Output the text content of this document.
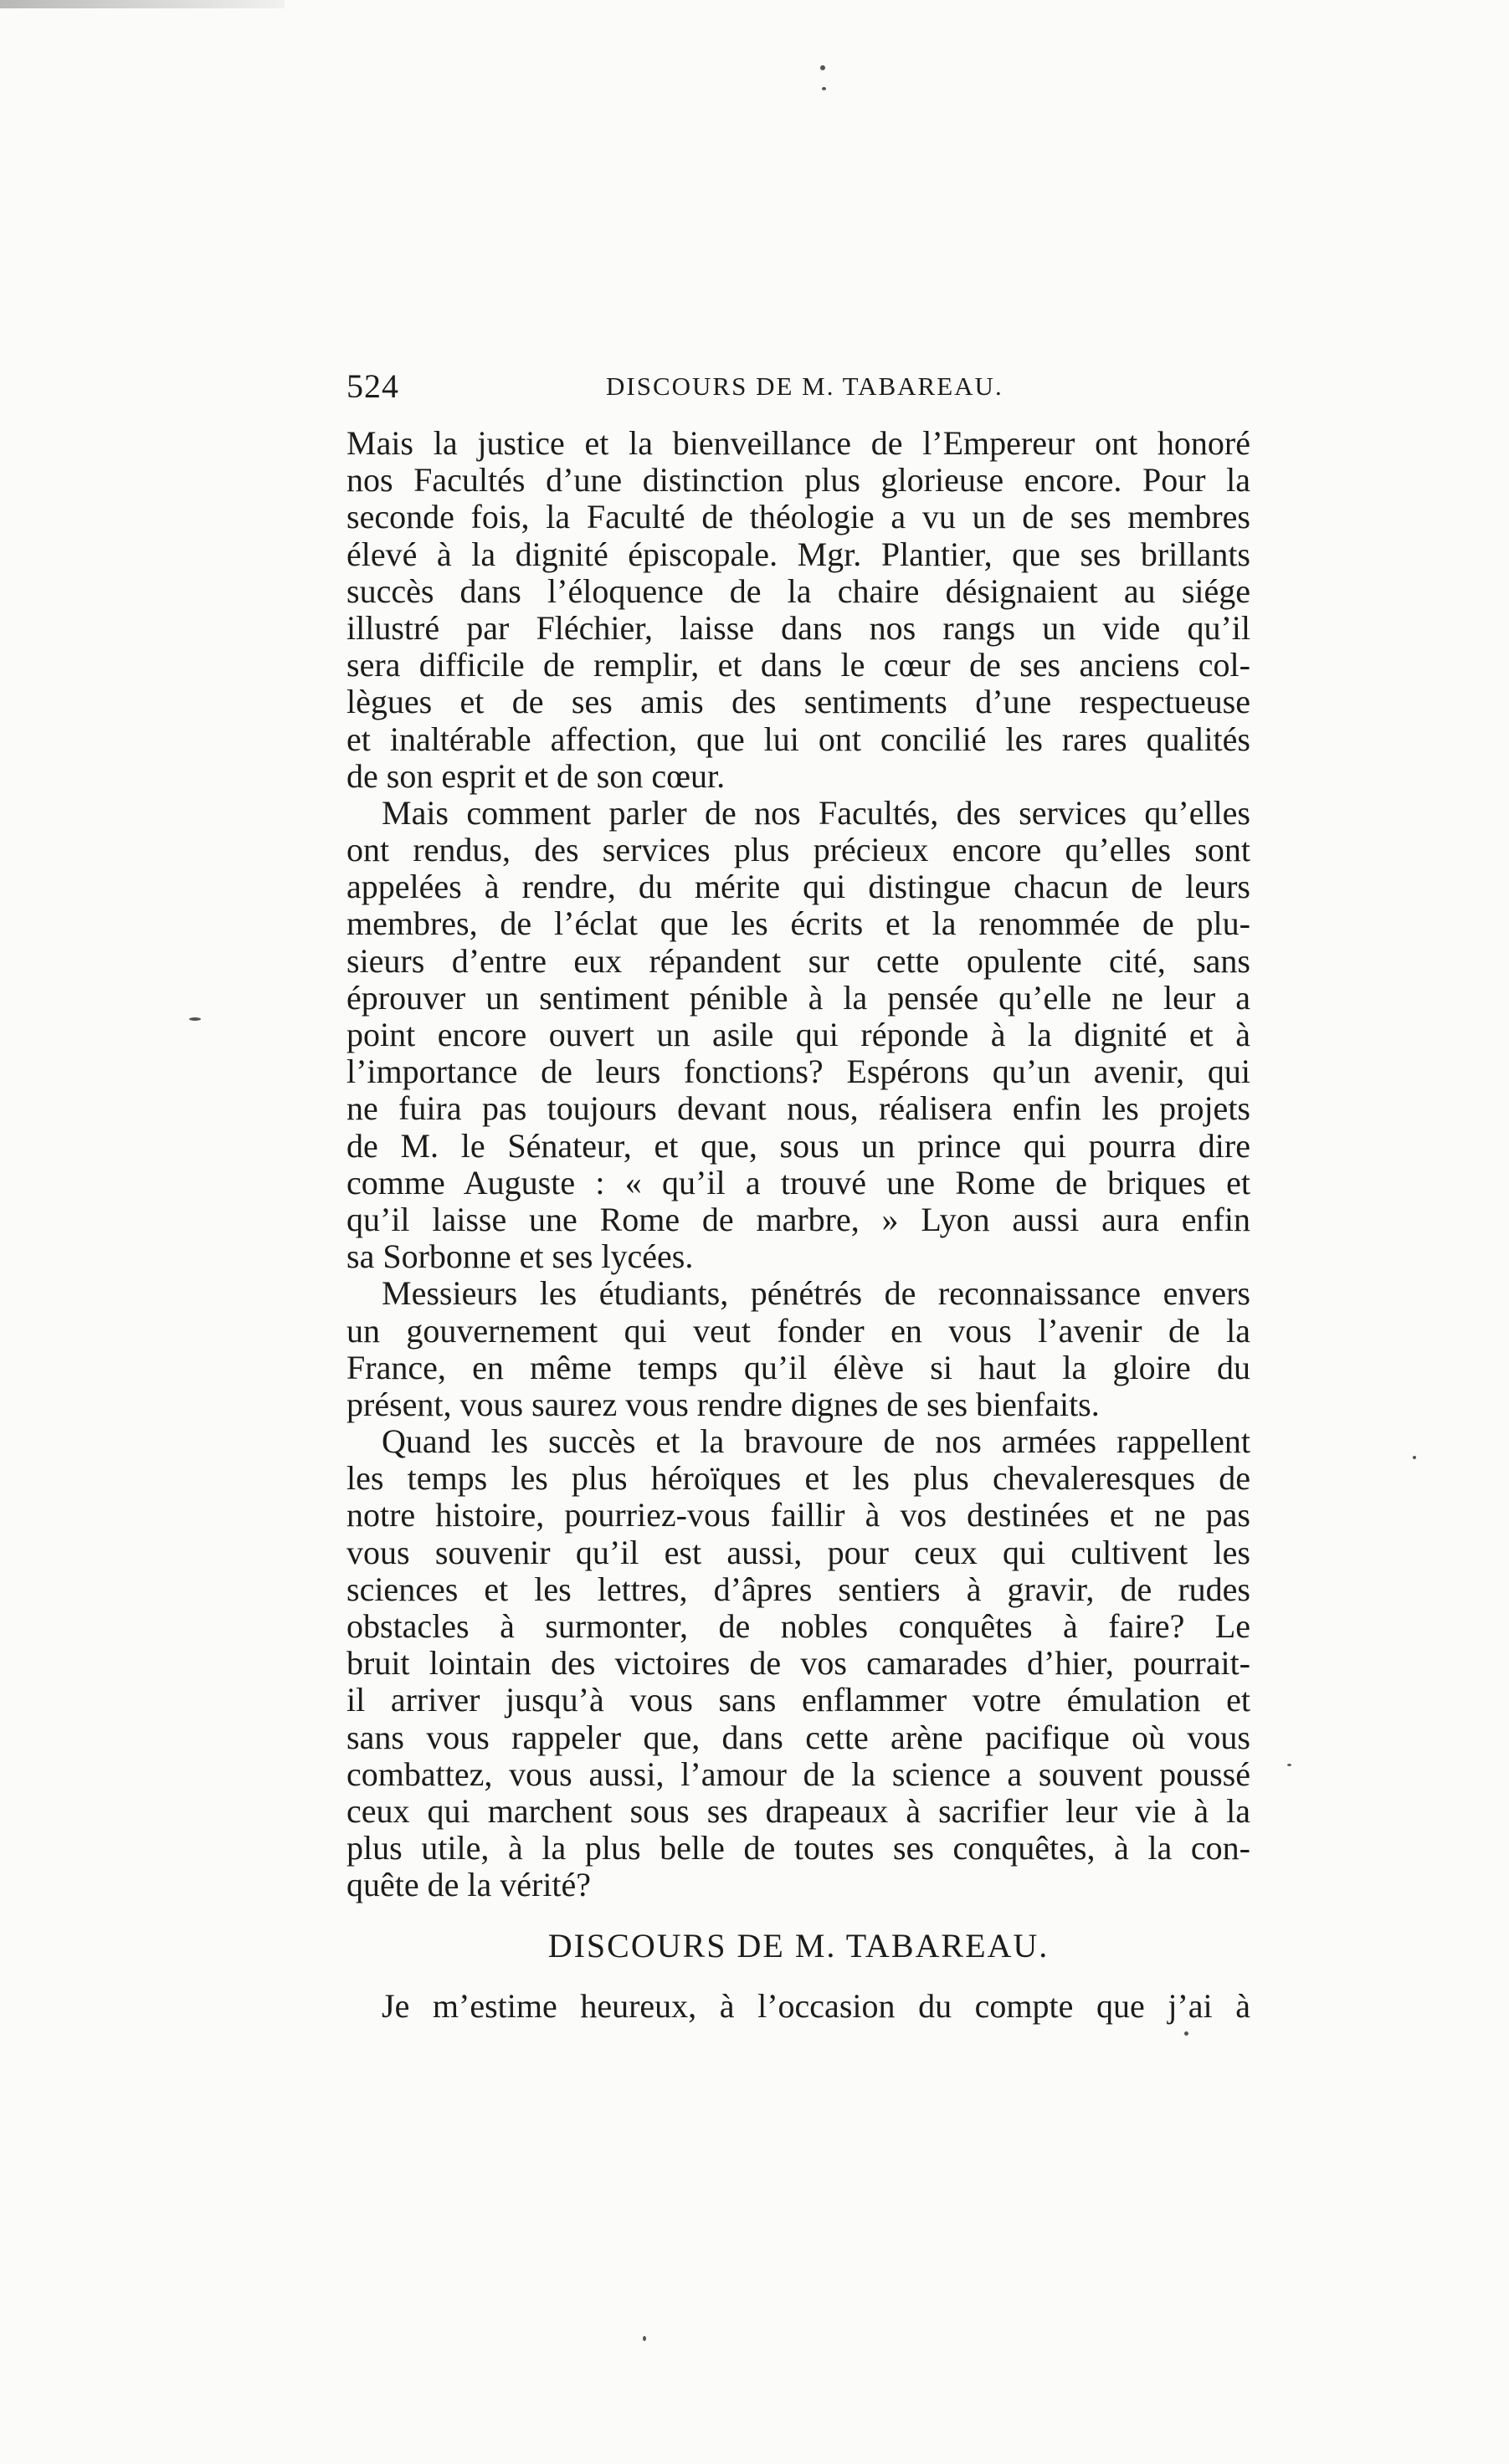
524	DISCOURS DE M. TABAREAU.
Mais la justice et la bienveillance de l’Empereur ont honoré
nos Facultés d’une distinction plus glorieuse encore. Pour la
seconde fois, la Faculté de théologie a vu un de ses membres
élevé à la dignité épiscopale. Mgr. Plantier, que ses brillants
succès dans l’éloquence de la chaire désignaient au siége
illustré par Fléchier, laisse dans nos rangs un vide qu’il
sera difficile de remplir, et dans le cœur de ses anciens col-
lègues et de ses amis des sentiments d’une respectueuse
et inaltérable affection, que lui ont concilié les rares qualités
de son esprit et de son cœur.
Mais comment parler de nos Facultés, des services qu’elles
ont rendus, des services plus précieux encore qu’elles sont
appelées à rendre, du mérite qui distingue chacun de leurs
membres, de l’éclat que les écrits et la renommée de plu-
sieurs d’entre eux répandent sur cette opulente cité, sans
éprouver un sentiment pénible à la pensée qu’elle ne leur a
point encore ouvert un asile qui réponde à la dignité et à
l’importance de leurs fonctions? Espérons qu’un avenir, qui
ne fuira pas toujours devant nous, réalisera enfin les projets
de M. le Sénateur, et que, sous un prince qui pourra dire
comme Auguste : « qu’il a trouvé une Rome de briques et
qu’il laisse une Rome de marbre, » Lyon aussi aura enfin
sa Sorbonne et ses lycées.
Messieurs les étudiants, pénétrés de reconnaissance envers
un gouvernement qui veut fonder en vous l’avenir de la
France, en même temps qu’il élève si haut la gloire du
présent, vous saurez vous rendre dignes de ses bienfaits.
Quand les succès et la bravoure de nos armées rappellent
les temps les plus héroïques et les plus chevaleresques de
notre histoire, pourriez-vous faillir à vos destinées et ne pas
vous souvenir qu’il est aussi, pour ceux qui cultivent les
sciences et les lettres, d’âpres sentiers à gravir, de rudes
obstacles à surmonter, de nobles conquêtes à faire? Le
bruit lointain des victoires de vos camarades d’hier, pourrait-
il arriver jusqu’à vous sans enflammer votre émulation et
sans vous rappeler que, dans cette arène pacifique où vous
combattez, vous aussi, l’amour de la science a souvent poussé
ceux qui marchent sous ses drapeaux à sacrifier leur vie à la
plus utile, à la plus belle de toutes ses conquêtes, à la con-
quête de la vérité?
DISCOURS DE M. TABAREAU.
Je m’estime heureux, à l’occasion du compte que j’ai à
